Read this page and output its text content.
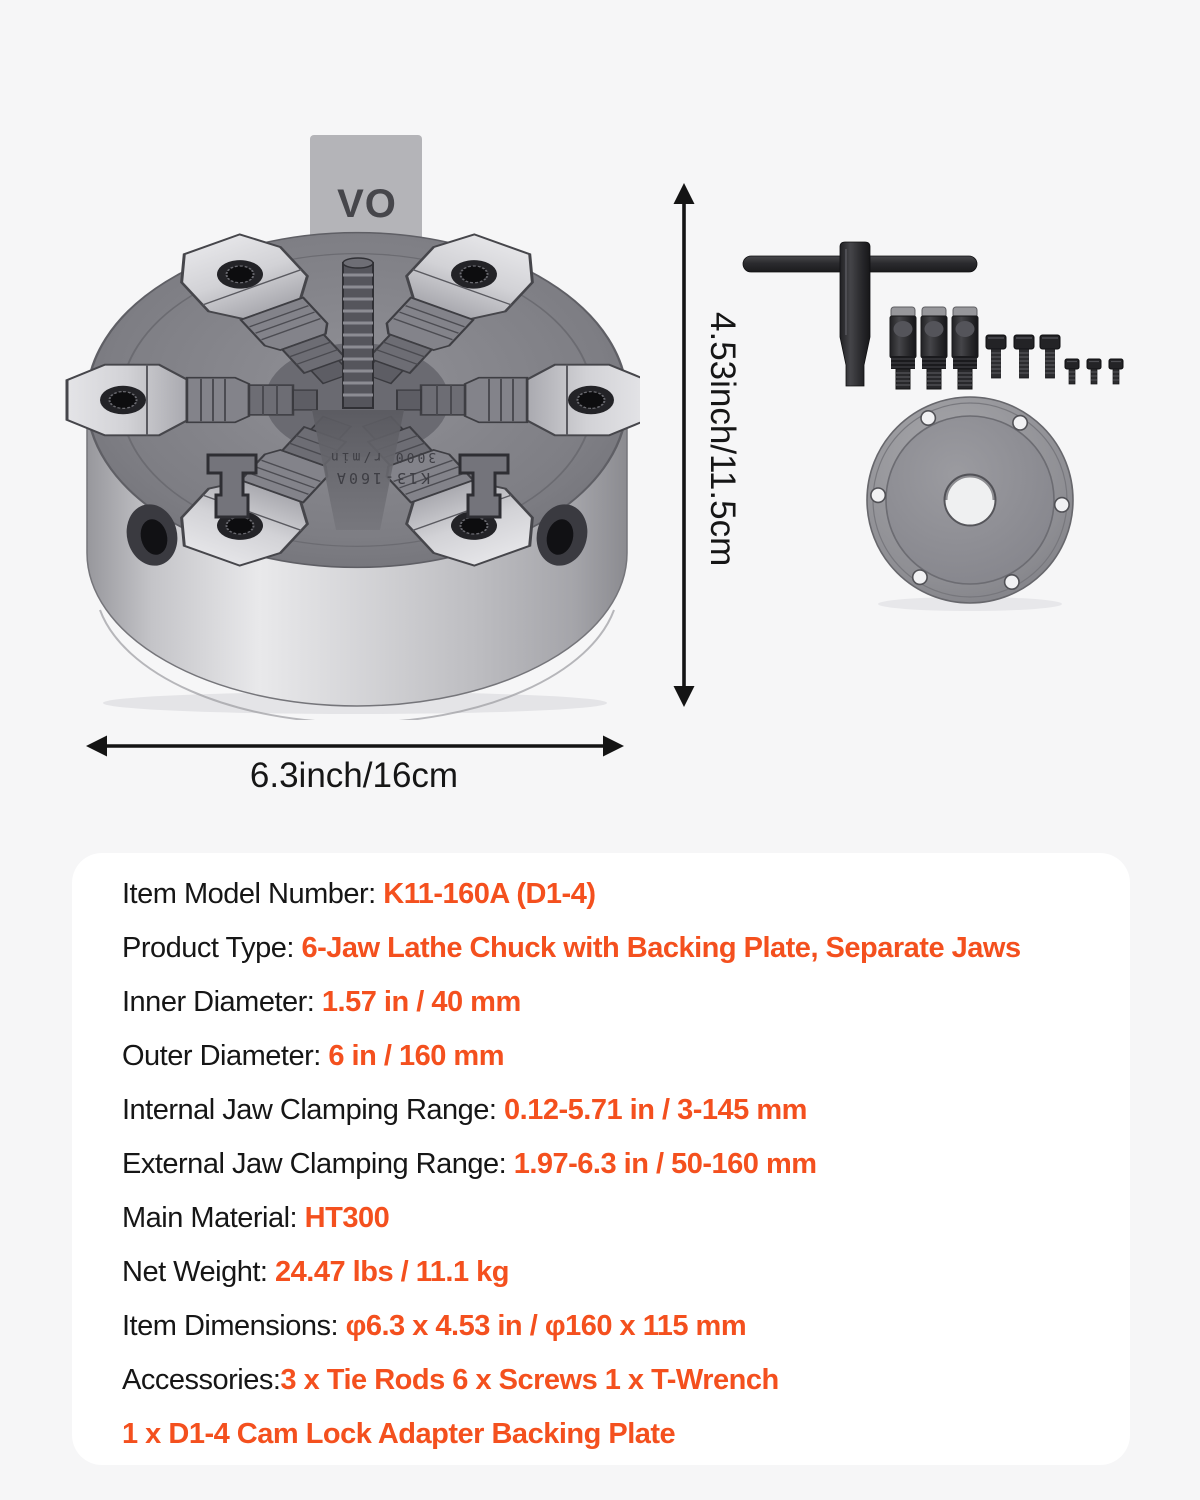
VO
K13-160A
3000 r/min	4.53inch/11.5cm
6.3inch/16cm
Item Model Number: K11-160A (D1-4)
Product Type: 6-Jaw Lathe Chuck with Backing Plate, Separate Jaws
Inner Diameter: 1.57 in / 40 mm
Outer Diameter: 6 in / 160 mm
Internal Jaw Clamping Range: 0.12-5.71 in / 3-145 mm
External Jaw Clamping Range: 1.97-6.3 in / 50-160 mm
Main Material: HT300
Net Weight: 24.47 lbs / 11.1 kg
Item Dimensions: φ6.3 x 4.53 in / φ160 x 115 mm
Accessories:3 x Tie Rods 6 x Screws 1 x T-Wrench
1 x D1-4 Cam Lock Adapter Backing Plate
